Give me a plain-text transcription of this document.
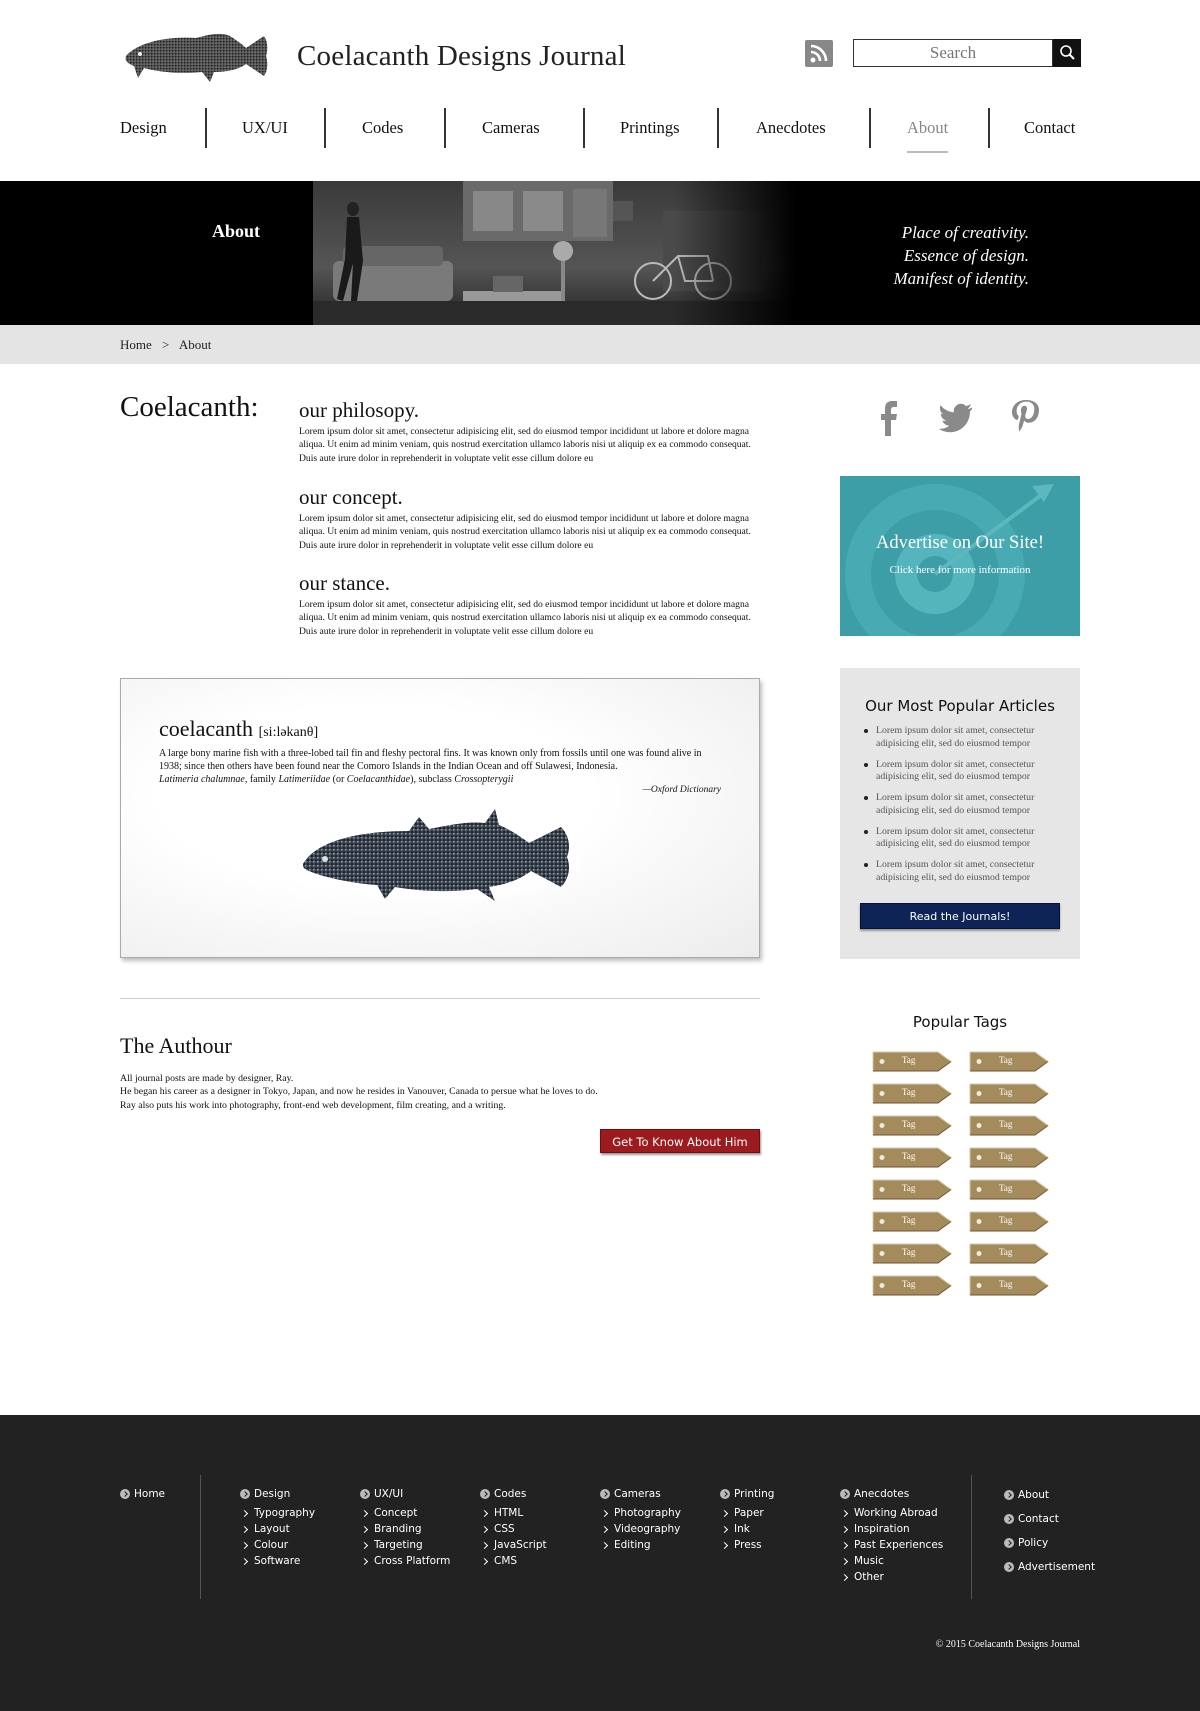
Coelacanth Designs Journal
Search
Design	UX/UI	Codes	Cameras	Printings	Anecdotes	About	Contact
About	Place of creativity.
Essence of design.
Manifest of identity.
Home > About
Coelacanth: our philosopy.

Lorem ipsum dolor sit amet, consectetur adipisicing elit, sed do eiusmod tempor incididunt ut labore et dolore magna aliqua. Ut enim ad minim veniam, quis nostrud exercitation ullamco laboris nisi ut aliquip ex ea commodo consequat. Duis aute irure dolor in reprehenderit in voluptate velit esse cillum dolore eu

our concept.

Lorem ipsum dolor sit amet, consectetur adipisicing elit, sed do eiusmod tempor incididunt ut labore et dolore magna aliqua. Ut enim ad minim veniam, quis nostrud exercitation ullamco laboris nisi ut aliquip ex ea commodo consequat. Duis aute irure dolor in reprehenderit in voluptate velit esse cillum dolore eu

our stance.

Lorem ipsum dolor sit amet, consectetur adipisicing elit, sed do eiusmod tempor incididunt ut labore et dolore magna aliqua. Ut enim ad minim veniam, quis nostrud exercitation ullamco laboris nisi ut aliquip ex ea commodo consequat. Duis aute irure dolor in reprehenderit in voluptate velit esse cillum dolore eu

Advertise on Our Site!
Click here for more information
coelacanth [si:ləkanθ]
A large bony marine fish with a three-lobed tail fin and fleshy pectoral fins. It was known only from fossils until one was found alive in 1938; since then others have been found near the Comoro Islands in the Indian Ocean and off Sulawesi, Indonesia.
Latimeria chalumnae, family Latimeriidae (or Coelacanthidae), subclass Crossopterygii
—Oxford Dictionary
The Authour
All journal posts are made by designer, Ray.
He began his career as a designer in Tokyo, Japan, and now he resides in Vanouver, Canada to persue what he loves to do.
Ray also puts his work into photography, front-end web development, film creating, and a writing.
Get To Know About Him
Our Most Popular Articles
Lorem ipsum dolor sit amet, consectetur adipisicing elit, sed do eiusmod tempor
Lorem ipsum dolor sit amet, consectetur adipisicing elit, sed do eiusmod tempor
Lorem ipsum dolor sit amet, consectetur adipisicing elit, sed do eiusmod tempor
Lorem ipsum dolor sit amet, consectetur adipisicing elit, sed do eiusmod tempor
Lorem ipsum dolor sit amet, consectetur adipisicing elit, sed do eiusmod tempor
Read the Journals!
Popular Tags
Tag	Tag
Tag	Tag
Tag	Tag
Tag	Tag
Tag	Tag
Tag	Tag
Tag	Tag
Tag	Tag
Home	Design
Typography
Layout
Colour
Software
UX/UI
Concept
Branding
Targeting
Cross Platform
Codes
HTML
CSS
JavaScript
CMS
Cameras
Photography
Videography
Editing
Printing
Paper
Ink
Press
Anecdotes
Working Abroad
Inspiration
Past Experiences
Music
Other
About
Contact
Policy
Advertisement
© 2015 Coelacanth Designs Journal
